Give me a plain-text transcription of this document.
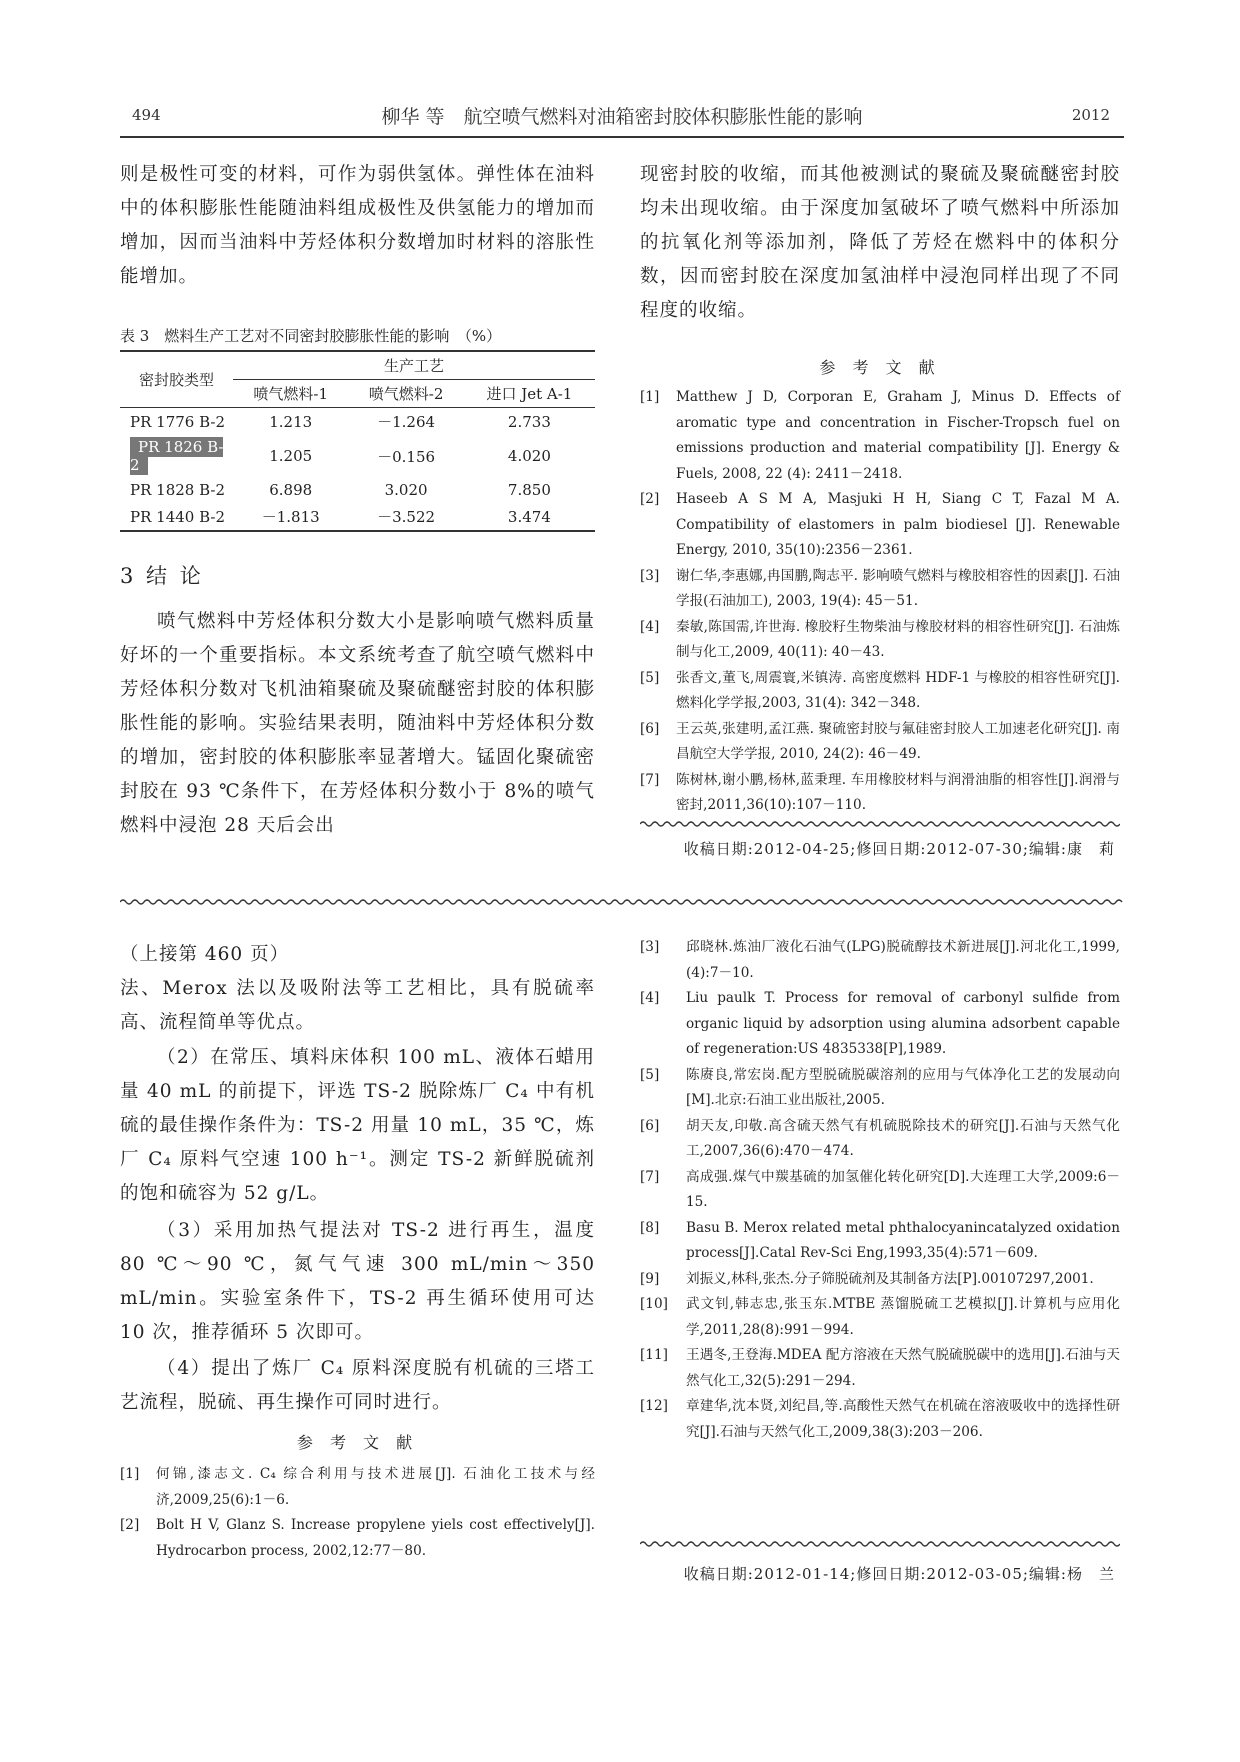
494	柳华 等　航空喷气燃料对油箱密封胶体积膨胀性能的影响	2012

则是极性可变的材料，可作为弱供氢体。弹性体在油料中的体积膨胀性能随油料组成极性及供氢能力的增加而增加，因而当油料中芳烃体积分数增加时材料的溶胀性能增加。

表 3　燃料生产工艺对不同密封胶膨胀性能的影响　（%）
密封胶类型	生产工艺		
	喷气燃料-1	喷气燃料-2	进口 Jet A-1
PR 1776 B-2	1.213	－1.264	2.733
PR 1826 B-2	1.205	－0.156	4.020
PR 1828 B-2	6.898	3.020	7.850
PR 1440 B-2	－1.813	－3.522	3.474
3 结 论

喷气燃料中芳烃体积分数大小是影响喷气燃料质量好坏的一个重要指标。本文系统考查了航空喷气燃料中芳烃体积分数对飞机油箱聚硫及聚硫醚密封胶的体积膨胀性能的影响。实验结果表明，随油料中芳烃体积分数的增加，密封胶的体积膨胀率显著增大。锰固化聚硫密封胶在 93 ℃条件下，在芳烃体积分数小于 8%的喷气燃料中浸泡 28 天后会出

现密封胶的收缩，而其他被测试的聚硫及聚硫醚密封胶均未出现收缩。由于深度加氢破坏了喷气燃料中所添加的抗氧化剂等添加剂，降低了芳烃在燃料中的体积分数，因而密封胶在深度加氢油样中浸泡同样出现了不同程度的收缩。

参 考 文 献
[1] Matthew J D, Corporan E, Graham J, Minus D. Effects of aromatic type and concentration in Fischer-Tropsch fuel on emissions production and material compatibility [J]. Energy & Fuels, 2008, 22 (4): 2411－2418.
[2] Haseeb A S M A, Masjuki H H, Siang C T, Fazal M A. Compatibility of elastomers in palm biodiesel [J]. Renewable Energy, 2010, 35(10):2356－2361.
[3] 谢仁华,李惠娜,冉国鹏,陶志平. 影响喷气燃料与橡胶相容性的因素[J]. 石油学报(石油加工), 2003, 19(4): 45－51.
[4] 秦敏,陈国需,许世海. 橡胶籽生物柴油与橡胶材料的相容性研究[J]. 石油炼制与化工,2009, 40(11): 40－43.
[5] 张香文,董飞,周震寰,米镇涛. 高密度燃料 HDF-1 与橡胶的相容性研究[J]. 燃料化学学报,2003, 31(4): 342－348.
[6] 王云英,张建明,孟江燕. 聚硫密封胶与氟硅密封胶人工加速老化研究[J]. 南昌航空大学学报, 2010, 24(2): 46－49.
[7] 陈树林,谢小鹏,杨林,蓝秉理. 车用橡胶材料与润滑油脂的相容性[J].润滑与密封,2011,36(10):107－110.
收稿日期:2012-04-25;修回日期:2012-07-30;编辑:康　莉
（上接第 460 页）

法、Merox 法以及吸附法等工艺相比，具有脱硫率高、流程简单等优点。

（2）在常压、填料床体积 100 mL、液体石蜡用量 40 mL 的前提下，评选 TS-2 脱除炼厂 C₄ 中有机硫的最佳操作条件为：TS-2 用量 10 mL，35 ℃，炼厂 C₄ 原料气空速 100 h⁻¹。测定 TS-2 新鲜脱硫剂的饱和硫容为 52 g/L。

（3）采用加热气提法对 TS-2 进行再生，温度 80 ℃～90 ℃，氮气气速 300 mL/min～350 mL/min。实验室条件下，TS-2 再生循环使用可达 10 次，推荐循环 5 次即可。

（4）提出了炼厂 C₄ 原料深度脱有机硫的三塔工艺流程，脱硫、再生操作可同时进行。

参 考 文 献
[1] 何锦,漆志文. C₄ 综合利用与技术进展[J]. 石油化工技术与经济,2009,25(6):1－6.
[2] Bolt H V, Glanz S. Increase propylene yiels cost effectively[J]. Hydrocarbon process, 2002,12:77－80.
[3] 邱晓林.炼油厂液化石油气(LPG)脱硫醇技术新进展[J].河北化工,1999,(4):7－10.
[4] Liu paulk T. Process for removal of carbonyl sulfide from organic liquid by adsorption using alumina adsorbent capable of regeneration:US 4835338[P],1989.
[5] 陈赓良,常宏岗.配方型脱硫脱碳溶剂的应用与气体净化工艺的发展动向[M].北京:石油工业出版社,2005.
[6] 胡天友,印敬.高含硫天然气有机硫脱除技术的研究[J].石油与天然气化工,2007,36(6):470－474.
[7] 高成强.煤气中羰基硫的加氢催化转化研究[D].大连理工大学,2009:6－15.
[8] Basu B. Merox related metal phthalocyanincatalyzed oxidation process[J].Catal Rev-Sci Eng,1993,35(4):571－609.
[9] 刘振义,林科,张杰.分子筛脱硫剂及其制备方法[P].00107297,2001.
[10] 武文钊,韩志忠,张玉东.MTBE 蒸馏脱硫工艺模拟[J].计算机与应用化学,2011,28(8):991－994.
[11] 王遇冬,王登海.MDEA 配方溶液在天然气脱硫脱碳中的选用[J].石油与天然气化工,32(5):291－294.
[12] 章建华,沈本贤,刘纪昌,等.高酸性天然气在机硫在溶液吸收中的选择性研究[J].石油与天然气化工,2009,38(3):203－206.
收稿日期:2012-01-14;修回日期:2012-03-05;编辑:杨　兰
